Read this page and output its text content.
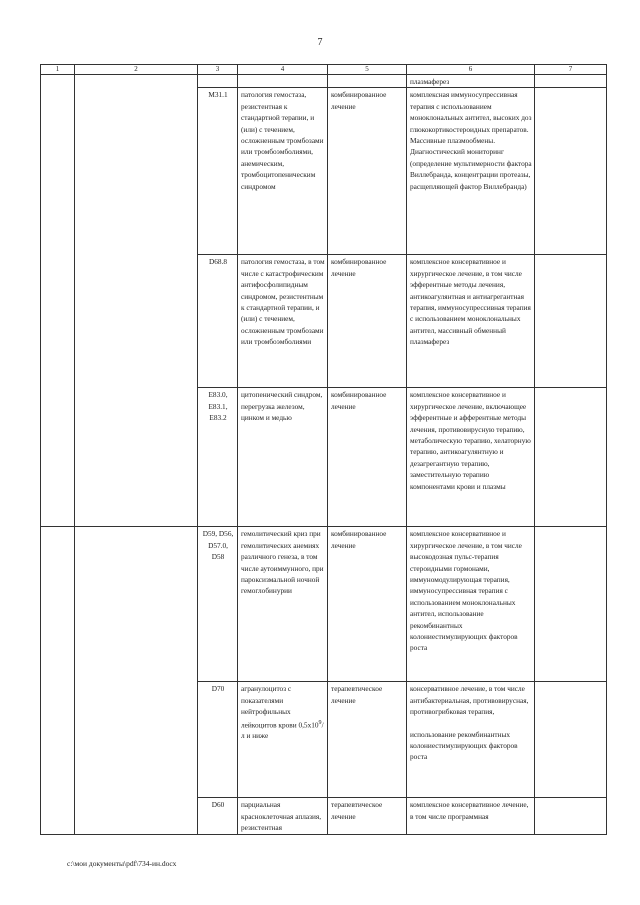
7
1	2	3	4	5	6	7
					плазмаферез	
		M31.1	патология гемостаза, резистентная к стандартной терапии, и (или) с течением, осложненным тромбозами или тромбоэмболиями, анемическим, тромбоцитопеническим синдромом	комбинированное лечение	комплексная иммуносупрессивная терапия с использованием моноклональных антител, высоких доз глюкокортикостероидных препаратов. Массивные плазмообмены. Диагностический мониторинг (определение мультимерности фактора Виллебранда, концентрации протеазы, расщепляющей фактор Виллебранда)	
		D68.8	патология гемостаза, в том числе с катастрофическим антифосфолипидным синдромом, резистентным к стандартной терапии, и (или) с течением, осложненным тромбозами или тромбоэмболиями	комбинированное лечение	комплексное консервативное и хирургическое лечение, в том числе эфферентные методы лечения, антикоагулянтная и антиагрегантная терапия, иммуносупрессивная терапия с использованием моноклональных антител, массивный обменный плазмаферез	
		E83.0, E83.1, E83.2	цитопенический синдром, перегрузка железом, цинком и медью	комбинированное лечение	комплексное консервативное и хирургическое лечение, включающее эфферентные и афферентные методы лечения, противовирусную терапию, метаболическую терапию, хелаторную терапию, антикоагулянтную и дезагрегантную терапию, заместительную терапию компонентами крови и плазмы	
		D59, D56, D57.0, D58	гемолитический криз при гемолитических анемиях различного генеза, в том числе аутоиммунного, при пароксизмальной ночной гемоглобинурии	комбинированное лечение	комплексное консервативное и хирургическое лечение, в том числе высокодозная пульс-терапия стероидными гормонами, иммуномодулирующая терапия, иммуносупрессивная терапия с использованием моноклональных антител, использование рекомбинантных колониестимулирующих факторов роста	
		D70	агранулоцитоз с показателями нейтрофильных лейкоцитов крови $0,5x10^9/л$ и ниже	терапевтическое лечение	консервативное лечение, в том числе антибактериальная, противовирусная, противогрибковая терапия,
использование рекомбинантных колониестимулирующих факторов роста	

		D60	парциальная красноклеточная аплазия, резистентная	терапевтическое лечение	комплексное консервативное лечение, в том числе программная	
c:\мои документы\pdf\734-ин.docx
